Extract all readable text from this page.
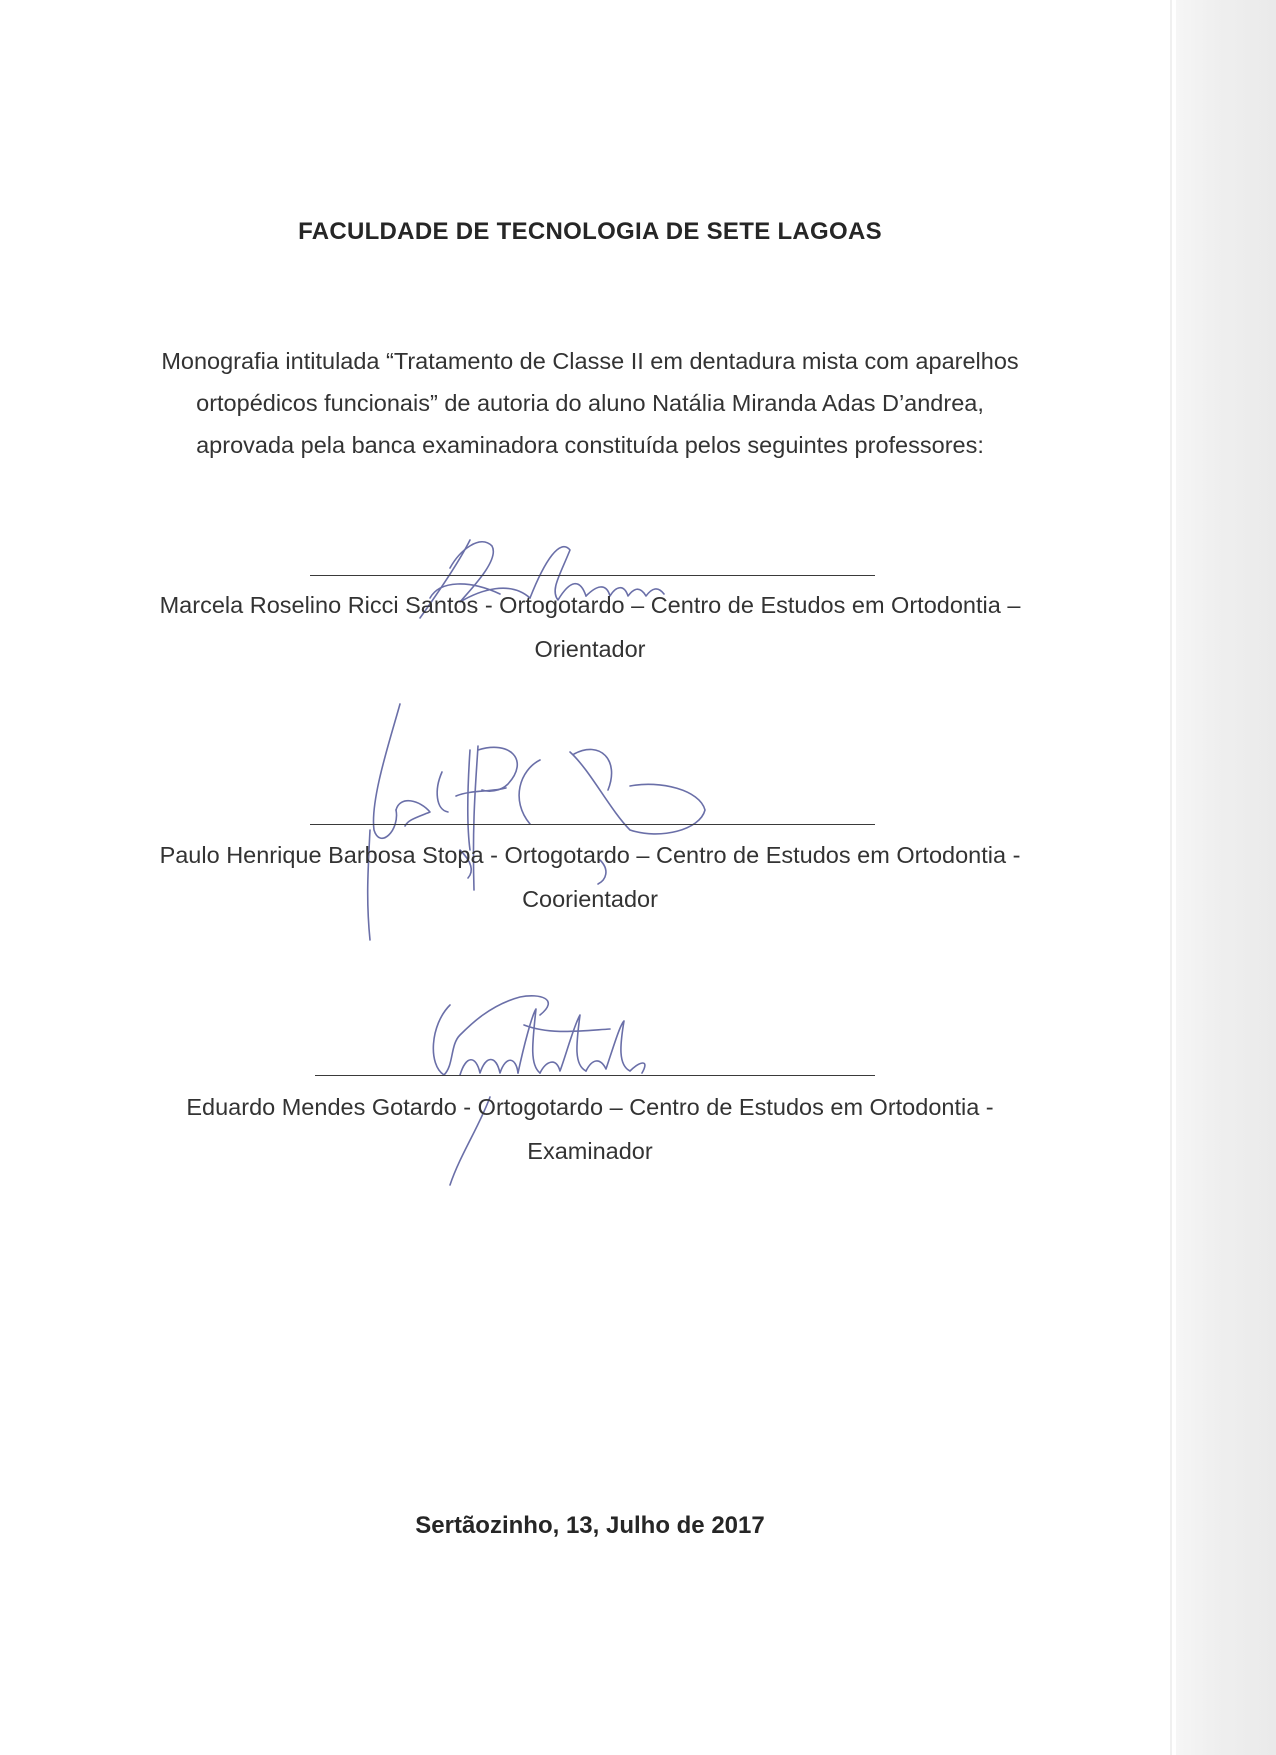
FACULDADE DE TECNOLOGIA DE SETE LAGOAS
Monografia intitulada “Tratamento de Classe II em dentadura mista com aparelhos
ortopédicos funcionais” de autoria do aluno Natália Miranda Adas D’andrea,
aprovada pela banca examinadora constituída pelos seguintes professores:
Marcela Roselino Ricci Santos - Ortogotardo – Centro de Estudos em Ortodontia –
Orientador
Paulo Henrique Barbosa Stopa - Ortogotardo – Centro de Estudos em Ortodontia -
Coorientador
Eduardo Mendes Gotardo - Ortogotardo – Centro de Estudos em Ortodontia -
Examinador
Sertãozinho, 13, Julho de 2017
